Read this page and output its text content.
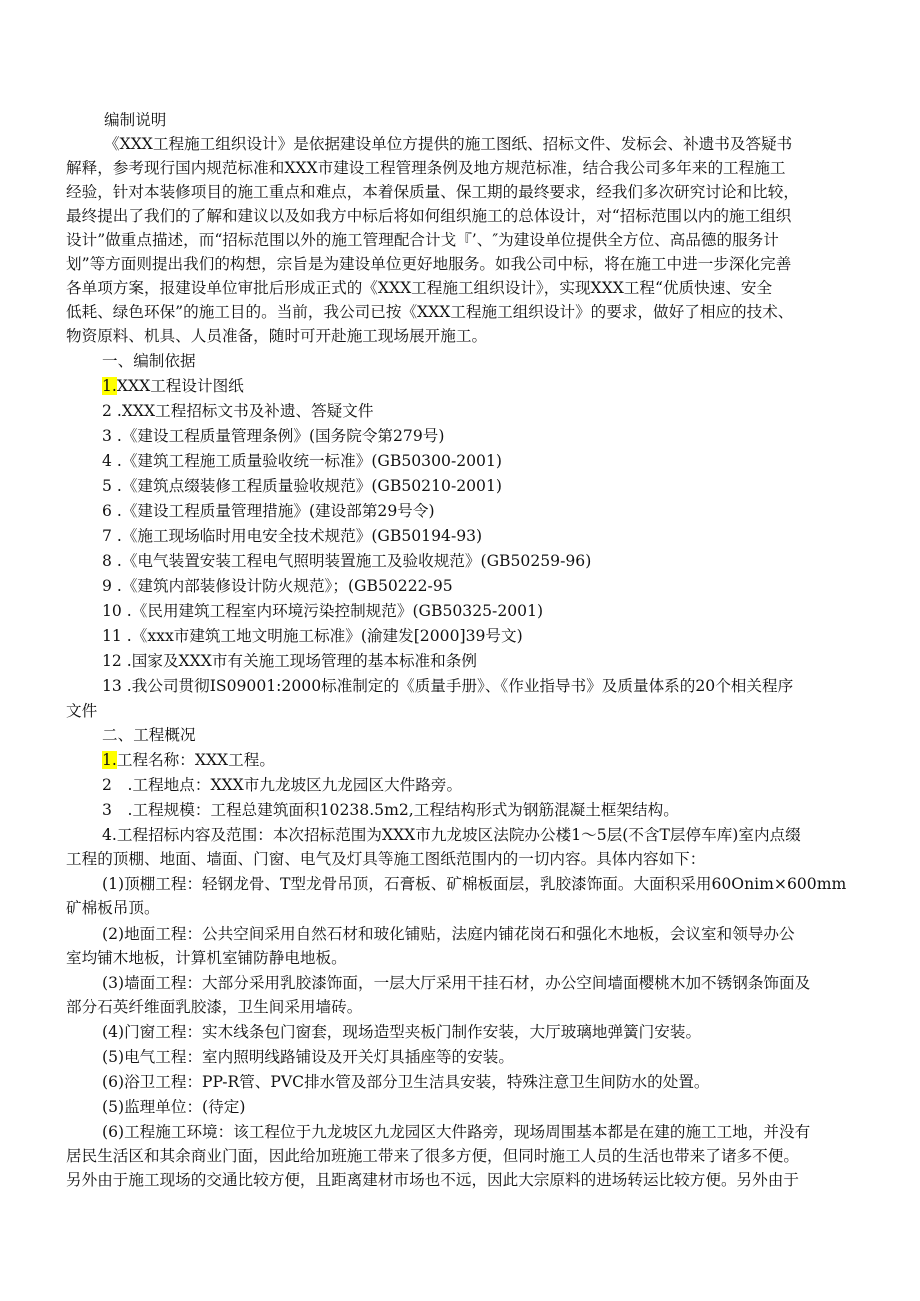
编制说明
《XXX工程施工组织设计》是依据建设单位方提供的施工图纸、招标文件、发标会、补遗书及答疑书
解释，参考现行国内规范标准和XXX市建设工程管理条例及地方规范标准，结合我公司多年来的工程施工
经验，针对本装修项目的施工重点和难点，本着保质量、保工期的最终要求，经我们多次研究讨论和比较，
最终提出了我们的了解和建议以及如我方中标后将如何组织施工的总体设计，对“招标范围以内的施工组织
设计”做重点描述，而“招标范围以外的施工管理配合计戈『’、″为建设单位提供全方位、高品德的服务计
划”等方面则提出我们的构想，宗旨是为建设单位更好地服务。如我公司中标，将在施工中进一步深化完善
各单项方案，报建设单位审批后形成正式的《XXX工程施工组织设计》，实现XXX工程“优质快速、安全
低耗、绿色环保”的施工目的。当前，我公司已按《XXX工程施工组织设计》的要求，做好了相应的技术、
物资原料、机具、人员准备，随时可开赴施工现场展开施工。
一、编制依据
1.XXX工程设计图纸
2 .XXX工程招标文书及补遗、答疑文件
3 .《建设工程质量管理条例》(国务院令第279号)
4 .《建筑工程施工质量验收统一标准》(GB50300-2001)
5 .《建筑点缀装修工程质量验收规范》(GB50210-2001)
6 .《建设工程质量管理措施》(建设部第29号令)
7 .《施工现场临时用电安全技术规范》(GB50194-93)
8 .《电气装置安装工程电气照明装置施工及验收规范》(GB50259-96)
9 .《建筑内部装修设计防火规范》；(GB50222-95
10 .《民用建筑工程室内环境污染控制规范》(GB50325-2001)
11 .《xxx市建筑工地文明施工标准》(渝建发[2000]39号文)
12 .国家及XXX市有关施工现场管理的基本标准和条例
13 .我公司贯彻IS09001:2000标准制定的《质量手册》、《作业指导书》及质量体系的20个相关程序
文件
二、工程概况
1.工程名称：XXX工程。
2　.工程地点：XXX市九龙坡区九龙园区大件路旁。
3　.工程规模：工程总建筑面积10238.5m2,工程结构形式为钢筋混凝土框架结构。
4.工程招标内容及范围：本次招标范围为XXX市九龙坡区法院办公楼1～5层(不含T层停车库)室内点缀
工程的顶棚、地面、墙面、门窗、电气及灯具等施工图纸范围内的一切内容。具体内容如下：
(1)顶棚工程：轻钢龙骨、T型龙骨吊顶，石膏板、矿棉板面层，乳胶漆饰面。大面积采用60Onim×600mm
矿棉板吊顶。
(2)地面工程：公共空间采用自然石材和玻化铺贴，法庭内铺花岗石和强化木地板，会议室和领导办公
室均铺木地板，计算机室铺防静电地板。
(3)墙面工程：大部分采用乳胶漆饰面，一层大厅采用干挂石材，办公空间墙面樱桃木加不锈钢条饰面及
部分石英纤维面乳胶漆，卫生间采用墙砖。
(4)门窗工程：实木线条包门窗套，现场造型夹板门制作安装，大厅玻璃地弹簧门安装。
(5)电气工程：室内照明线路铺设及开关灯具插座等的安装。
(6)浴卫工程：PP-R管、PVC排水管及部分卫生洁具安装，特殊注意卫生间防水的处置。
(5)监理单位：(待定)
(6)工程施工环境：该工程位于九龙坡区九龙园区大件路旁，现场周围基本都是在建的施工工地，并没有
居民生活区和其余商业门面，因此给加班施工带来了很多方便，但同时施工人员的生活也带来了诸多不便。
另外由于施工现场的交通比较方便，且距离建材市场也不远，因此大宗原料的进场转运比较方便。另外由于
